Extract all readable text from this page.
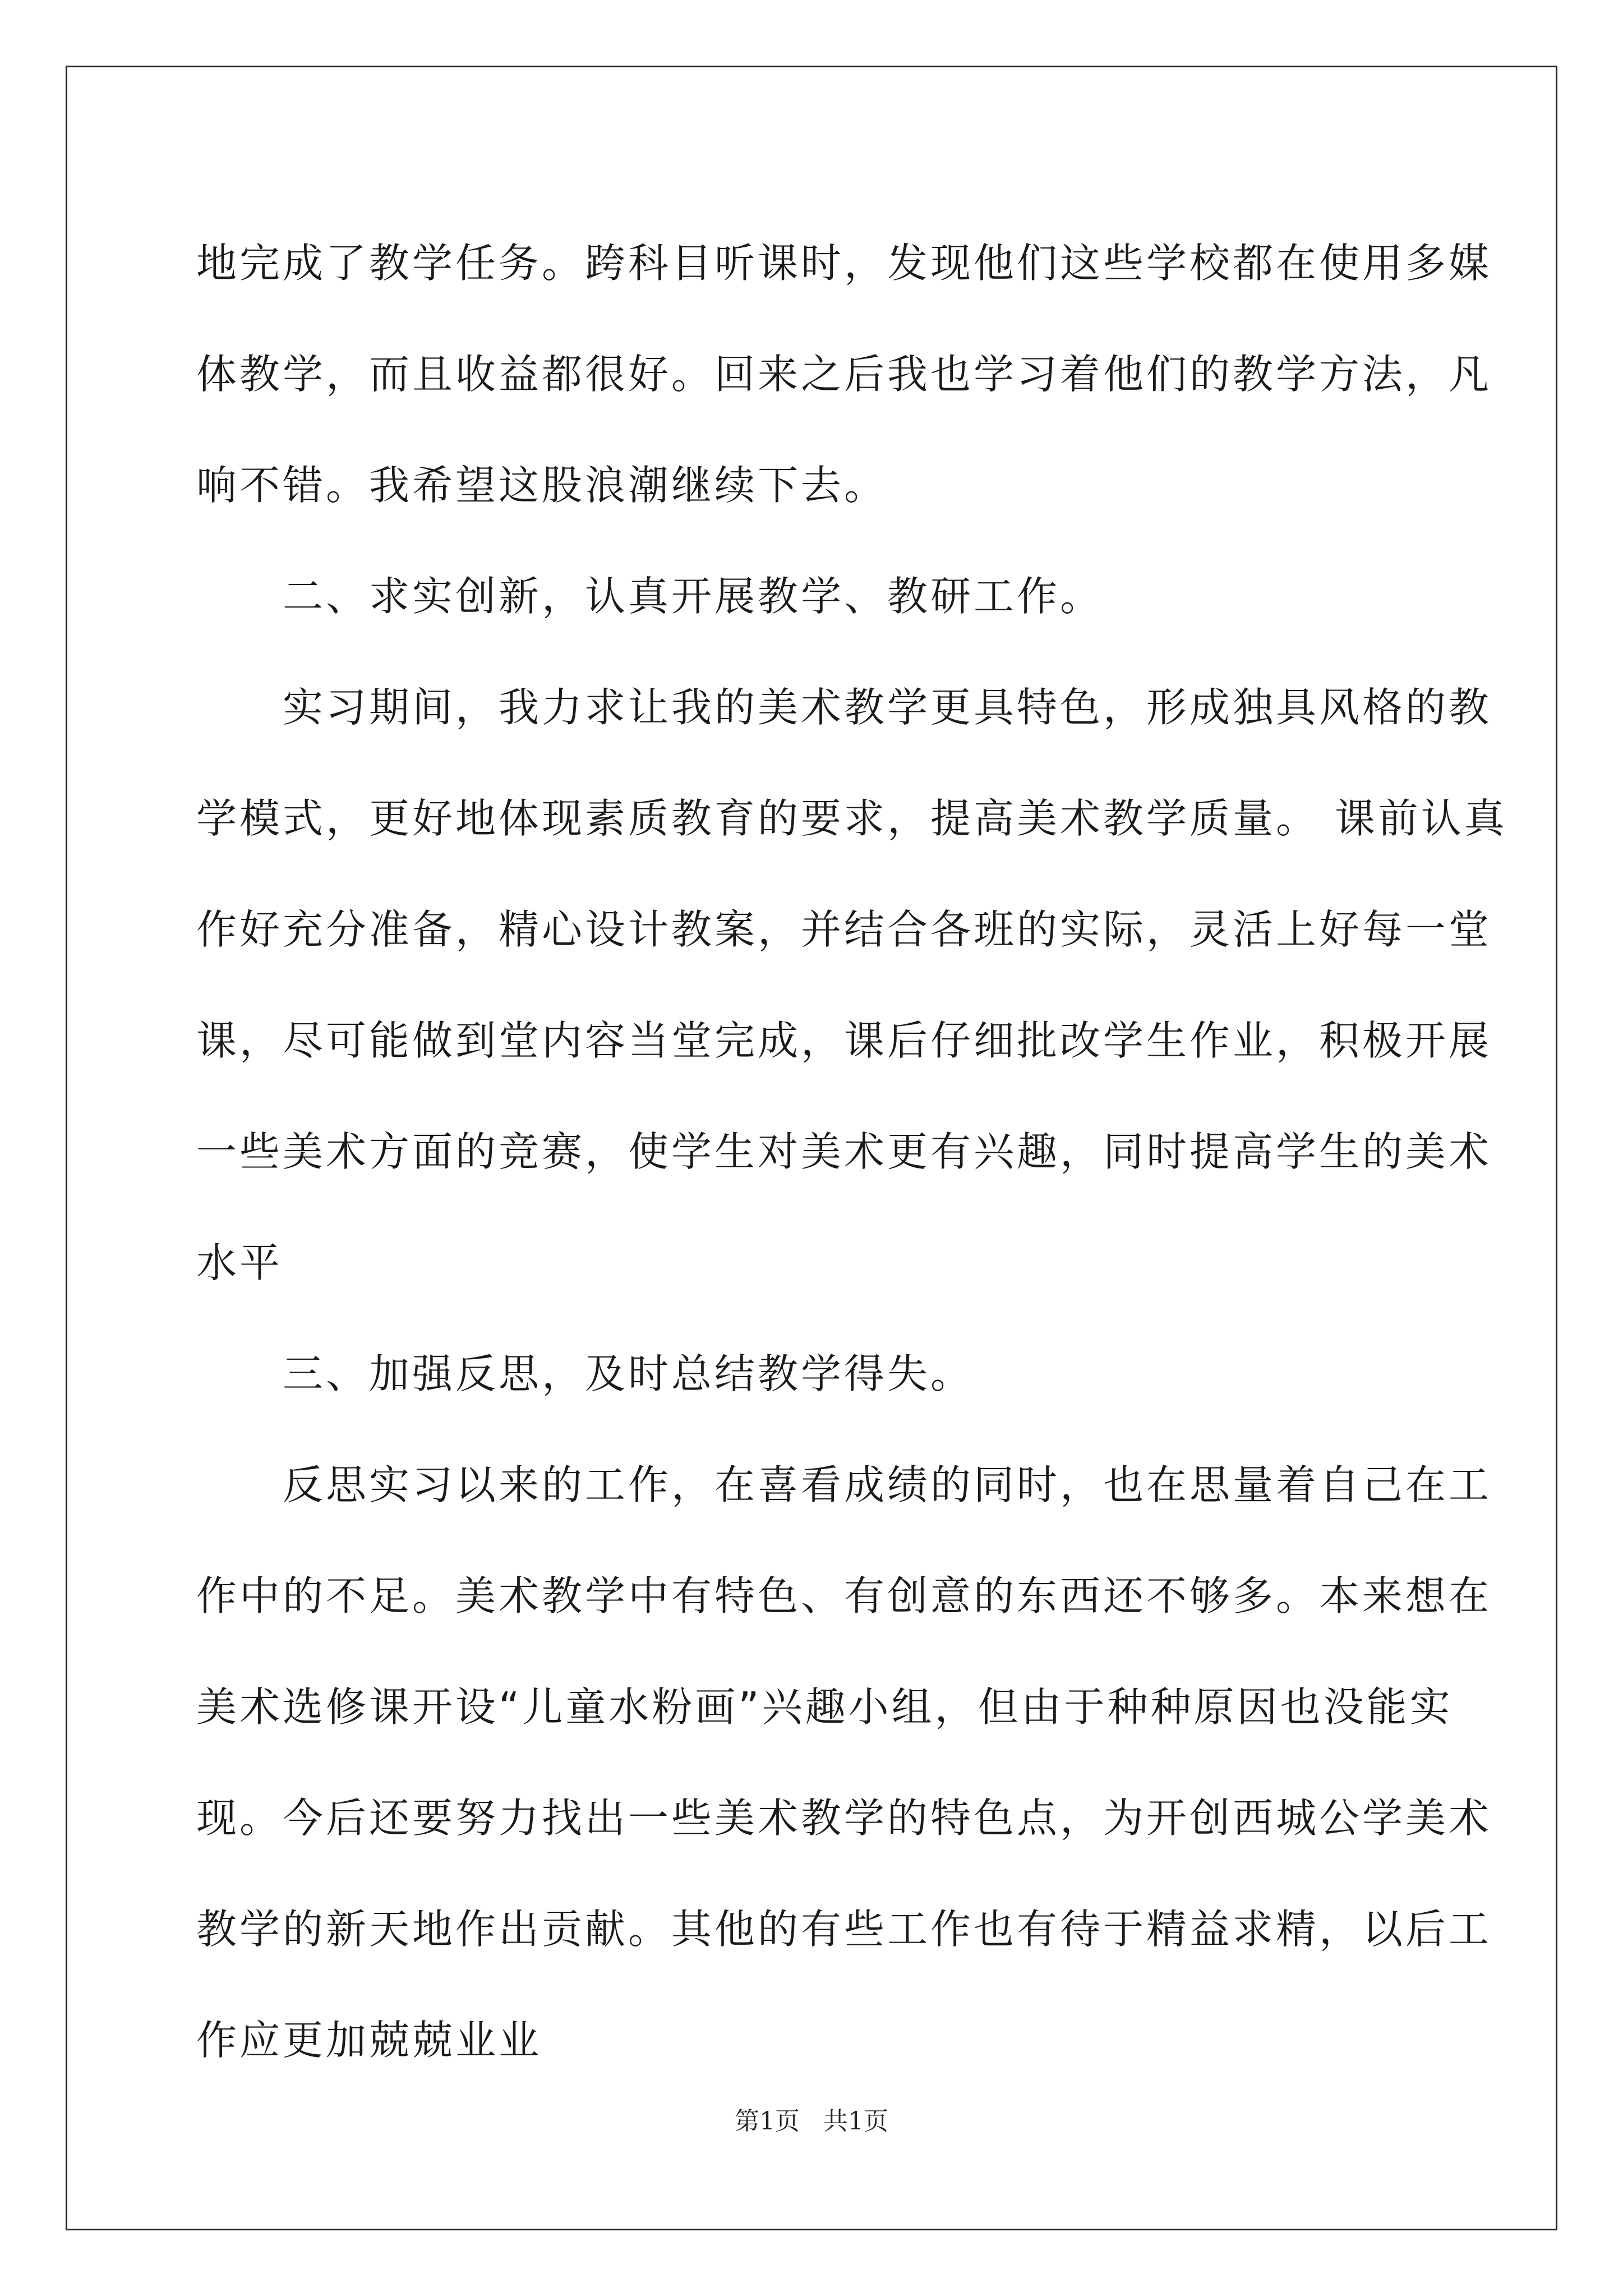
地完成了教学任务。跨科目听课时，发现他们这些学校都在使用多媒
体教学，而且收益都很好。回来之后我也学习着他们的教学方法，凡
响不错。我希望这股浪潮继续下去。
　　二、求实创新，认真开展教学、教研工作。
　　实习期间，我力求让我的美术教学更具特色，形成独具风格的教
学模式，更好地体现素质教育的要求，提高美术教学质量。 课前认真
作好充分准备，精心设计教案，并结合各班的实际，灵活上好每一堂
课，尽可能做到堂内容当堂完成，课后仔细批改学生作业，积极开展
一些美术方面的竞赛，使学生对美术更有兴趣，同时提高学生的美术
水平
　　三、加强反思，及时总结教学得失。
　　反思实习以来的工作，在喜看成绩的同时，也在思量着自己在工
作中的不足。美术教学中有特色、有创意的东西还不够多。本来想在
美术选修课开设“儿童水粉画”兴趣小组，但由于种种原因也没能实
现。今后还要努力找出一些美术教学的特色点，为开创西城公学美术
教学的新天地作出贡献。其他的有些工作也有待于精益求精，以后工
作应更加兢兢业业
第1页   共1页
